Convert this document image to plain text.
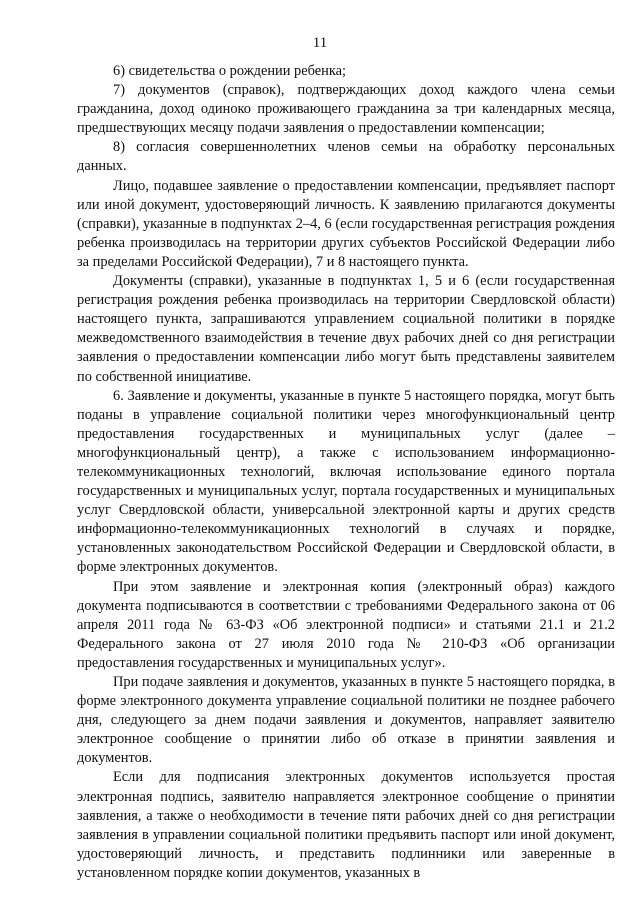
11

6) свидетельства о рождении ребенка;

7) документов (справок), подтверждающих доход каждого члена семьи гражданина, доход одиноко проживающего гражданина за три календарных месяца, предшествующих месяцу подачи заявления о предоставлении компенсации;

8) согласия совершеннолетних членов семьи на обработку персональных данных.

Лицо, подавшее заявление о предоставлении компенсации, предъявляет паспорт или иной документ, удостоверяющий личность. К заявлению прилагаются документы (справки), указанные в подпунктах 2–4, 6 (если государственная регистрация рождения ребенка производилась на территории других субъектов Российской Федерации либо за пределами Российской Федерации), 7 и 8 настоящего пункта.

Документы (справки), указанные в подпунктах 1, 5 и 6 (если государственная регистрация рождения ребенка производилась на территории Свердловской области) настоящего пункта, запрашиваются управлением социальной политики в порядке межведомственного взаимодействия в течение двух рабочих дней со дня регистрации заявления о предоставлении компенсации либо могут быть представлены заявителем по собственной инициативе.

6. Заявление и документы, указанные в пункте 5 настоящего порядка, могут быть поданы в управление социальной политики через многофункциональный центр предоставления государственных и муниципальных услуг (далее – многофункциональный центр), а также с использованием информационно-телекоммуникационных технологий, включая использование единого портала государственных и муниципальных услуг, портала государственных и муниципальных услуг Свердловской области, универсальной электронной карты и других средств информационно-телекоммуникационных технологий в случаях и порядке, установленных законодательством Российской Федерации и Свердловской области, в форме электронных документов.

При этом заявление и электронная копия (электронный образ) каждого документа подписываются в соответствии с требованиями Федерального закона от 06 апреля 2011 года № 63-ФЗ «Об электронной подписи» и статьями 21.1 и 21.2 Федерального закона от 27 июля 2010 года № 210-ФЗ «Об организации предоставления государственных и муниципальных услуг».

При подаче заявления и документов, указанных в пункте 5 настоящего порядка, в форме электронного документа управление социальной политики не позднее рабочего дня, следующего за днем подачи заявления и документов, направляет заявителю электронное сообщение о принятии либо об отказе в принятии заявления и документов.

Если для подписания электронных документов используется простая электронная подпись, заявителю направляется электронное сообщение о принятии заявления, а также о необходимости в течение пяти рабочих дней со дня регистрации заявления в управлении социальной политики предъявить паспорт или иной документ, удостоверяющий личность, и представить подлинники или заверенные в установленном порядке копии документов, указанных в
